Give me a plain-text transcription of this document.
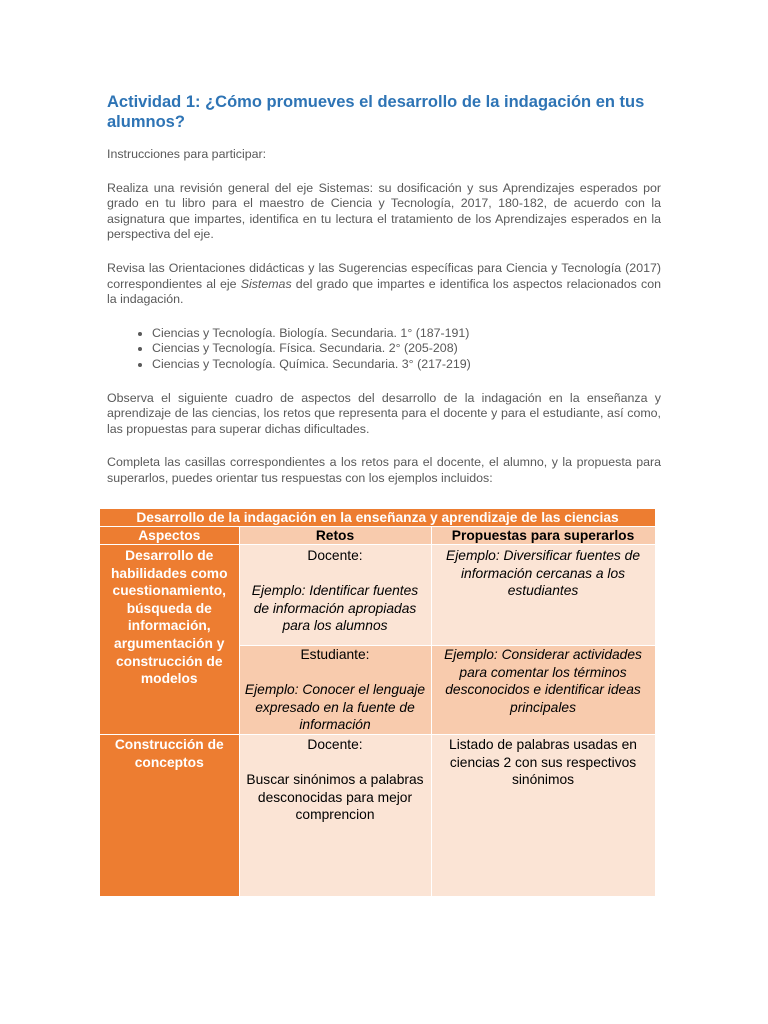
Actividad 1: ¿Cómo promueves el desarrollo de la indagación en tus alumnos?

Instrucciones para participar:

Realiza una revisión general del eje Sistemas: su dosificación y sus Aprendizajes esperados por grado en tu libro para el maestro de Ciencia y Tecnología, 2017, 180-182, de acuerdo con la asignatura que impartes, identifica en tu lectura el tratamiento de los Aprendizajes esperados en la perspectiva del eje.

Revisa las Orientaciones didácticas y las Sugerencias específicas para Ciencia y Tecnología (2017) correspondientes al eje Sistemas del grado que impartes e identifica los aspectos relacionados con la indagación.

• Ciencias y Tecnología. Biología. Secundaria. 1° (187-191)
• Ciencias y Tecnología. Física. Secundaria. 2° (205-208)
• Ciencias y Tecnología. Química. Secundaria. 3° (217-219)

Observa el siguiente cuadro de aspectos del desarrollo de la indagación en la enseñanza y aprendizaje de las ciencias, los retos que representa para el docente y para el estudiante, así como, las propuestas para superar dichas dificultades.

Completa las casillas correspondientes a los retos para el docente, el alumno, y la propuesta para superarlos, puedes orientar tus respuestas con los ejemplos incluidos:

Desarrollo de la indagación en la enseñanza y aprendizaje de las ciencias		
Aspectos	Retos	Propuestas para superarlos
Desarrollo de habilidades como cuestionamiento, búsqueda de información, argumentación y construcción de modelos	Docente:
Ejemplo: Identificar fuentes de información apropiadas para los alumnos	Ejemplo: Diversificar fuentes de información cercanas a los estudiantes

	Estudiante:
Ejemplo: Conocer el lenguaje expresado en la fuente de información	Ejemplo: Considerar actividades para comentar los términos desconocidos e identificar ideas principales

Construcción de conceptos	Docente:
Buscar sinónimos a palabras desconocidas para mejor comprencion	Listado de palabras usadas en ciencias 2 con sus respectivos sinónimos
